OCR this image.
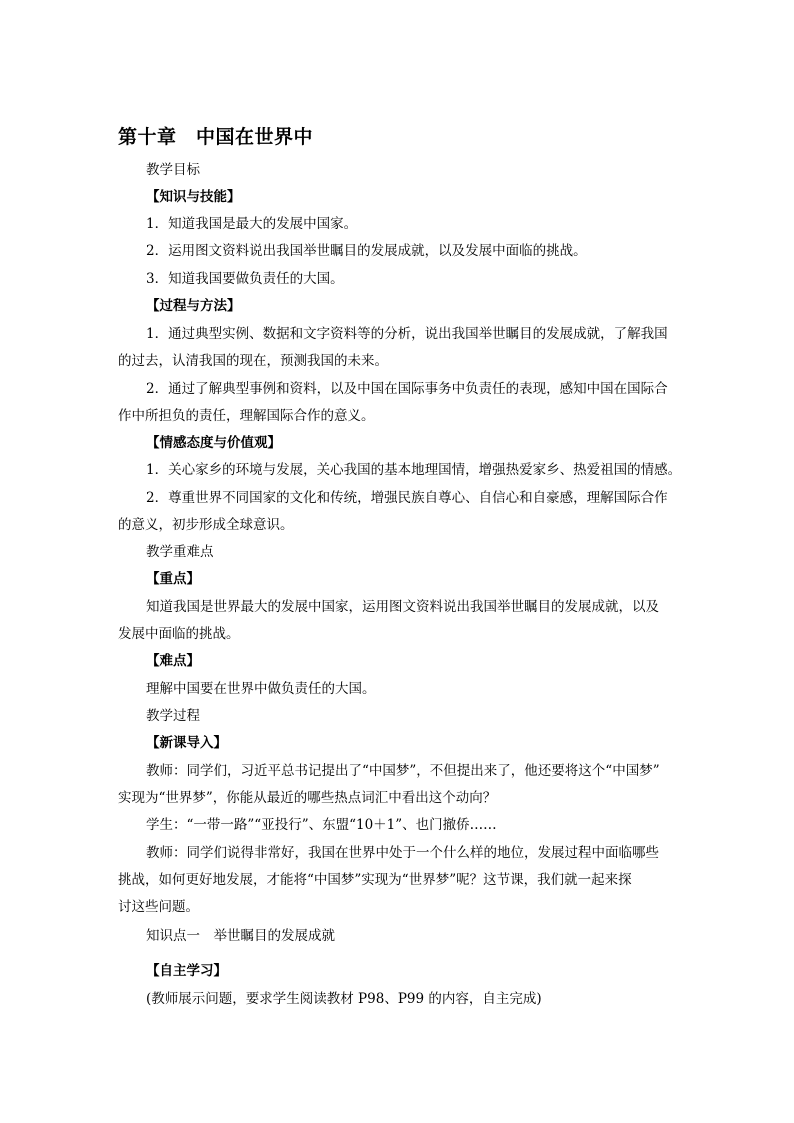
第十章　中国在世界中
教学目标
【知识与技能】
1．知道我国是最大的发展中国家。
2．运用图文资料说出我国举世瞩目的发展成就，以及发展中面临的挑战。
3．知道我国要做负责任的大国。
【过程与方法】
1．通过典型实例、数据和文字资料等的分析，说出我国举世瞩目的发展成就，了解我国
的过去，认清我国的现在，预测我国的未来。
2．通过了解典型事例和资料，以及中国在国际事务中负责任的表现，感知中国在国际合
作中所担负的责任，理解国际合作的意义。
【情感态度与价值观】
1．关心家乡的环境与发展，关心我国的基本地理国情，增强热爱家乡、热爱祖国的情感。
2．尊重世界不同国家的文化和传统，增强民族自尊心、自信心和自豪感，理解国际合作
的意义，初步形成全球意识。
教学重难点
【重点】
知道我国是世界最大的发展中国家，运用图文资料说出我国举世瞩目的发展成就，以及
发展中面临的挑战。
【难点】
理解中国要在世界中做负责任的大国。
教学过程
【新课导入】
教师：同学们，习近平总书记提出了“中国梦”，不但提出来了，他还要将这个“中国梦”
实现为“世界梦”，你能从最近的哪些热点词汇中看出这个动向？
学生：“一带一路”“亚投行”、东盟“10＋1”、也门撤侨……
教师：同学们说得非常好，我国在世界中处于一个什么样的地位，发展过程中面临哪些
挑战，如何更好地发展，才能将“中国梦”实现为“世界梦”呢？这节课，我们就一起来探
讨这些问题。
知识点一　举世瞩目的发展成就
【自主学习】
(教师展示问题，要求学生阅读教材 P98、P99 的内容，自主完成)
